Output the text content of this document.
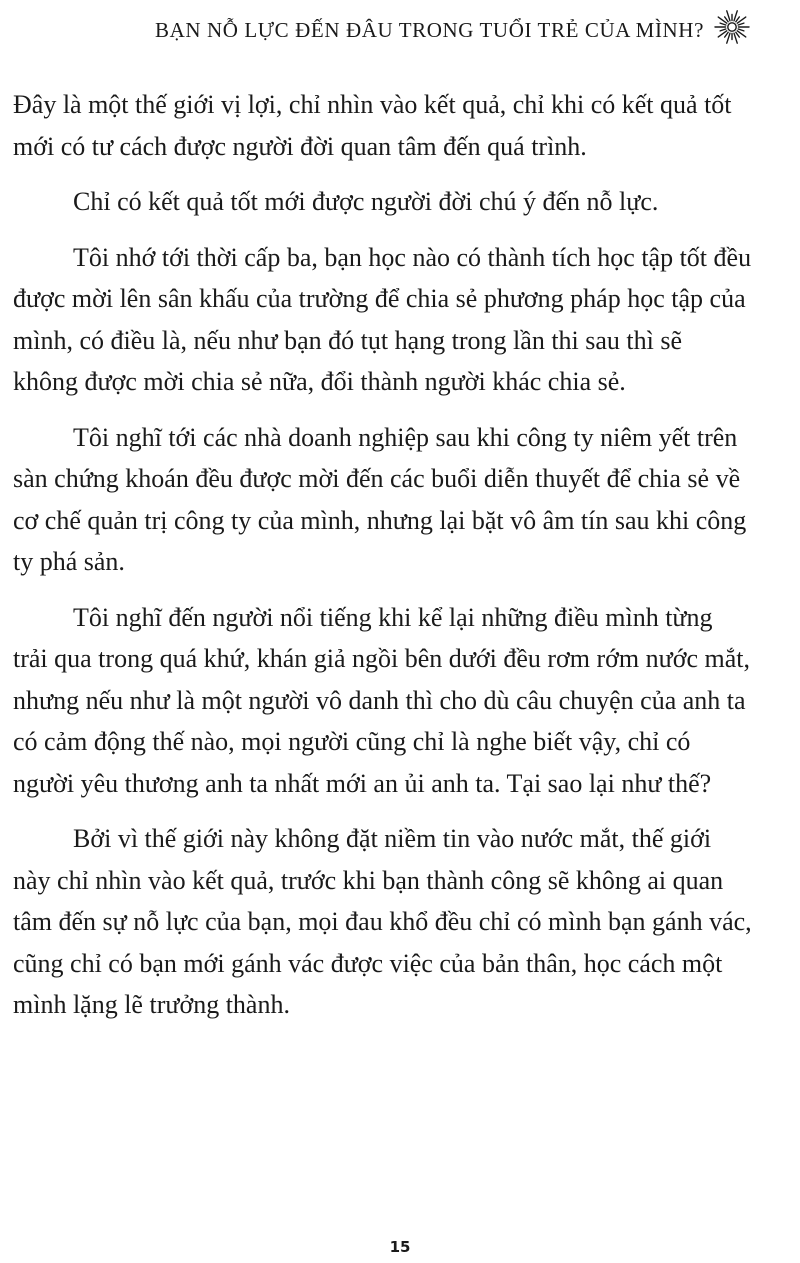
BẠN NỖ LỰC ĐẾN ĐÂU TRONG TUỔI TRẺ CỦA MÌNH?

Đây là một thế giới vị lợi, chỉ nhìn vào kết quả, chỉ khi có kết quả tốt mới có tư cách được người đời quan tâm đến quá trình.

Chỉ có kết quả tốt mới được người đời chú ý đến nỗ lực.

Tôi nhớ tới thời cấp ba, bạn học nào có thành tích học tập tốt đều được mời lên sân khấu của trường để chia sẻ phương pháp học tập của mình, có điều là, nếu như bạn đó tụt hạng trong lần thi sau thì sẽ không được mời chia sẻ nữa, đổi thành người khác chia sẻ.

Tôi nghĩ tới các nhà doanh nghiệp sau khi công ty niêm yết trên sàn chứng khoán đều được mời đến các buổi diễn thuyết để chia sẻ về cơ chế quản trị công ty của mình, nhưng lại bặt vô âm tín sau khi công ty phá sản.

Tôi nghĩ đến người nổi tiếng khi kể lại những điều mình từng trải qua trong quá khứ, khán giả ngồi bên dưới đều rơm rớm nước mắt, nhưng nếu như là một người vô danh thì cho dù câu chuyện của anh ta có cảm động thế nào, mọi người cũng chỉ là nghe biết vậy, chỉ có người yêu thương anh ta nhất mới an ủi anh ta. Tại sao lại như thế?

Bởi vì thế giới này không đặt niềm tin vào nước mắt, thế giới này chỉ nhìn vào kết quả, trước khi bạn thành công sẽ không ai quan tâm đến sự nỗ lực của bạn, mọi đau khổ đều chỉ có mình bạn gánh vác, cũng chỉ có bạn mới gánh vác được việc của bản thân, học cách một mình lặng lẽ trưởng thành.

15
